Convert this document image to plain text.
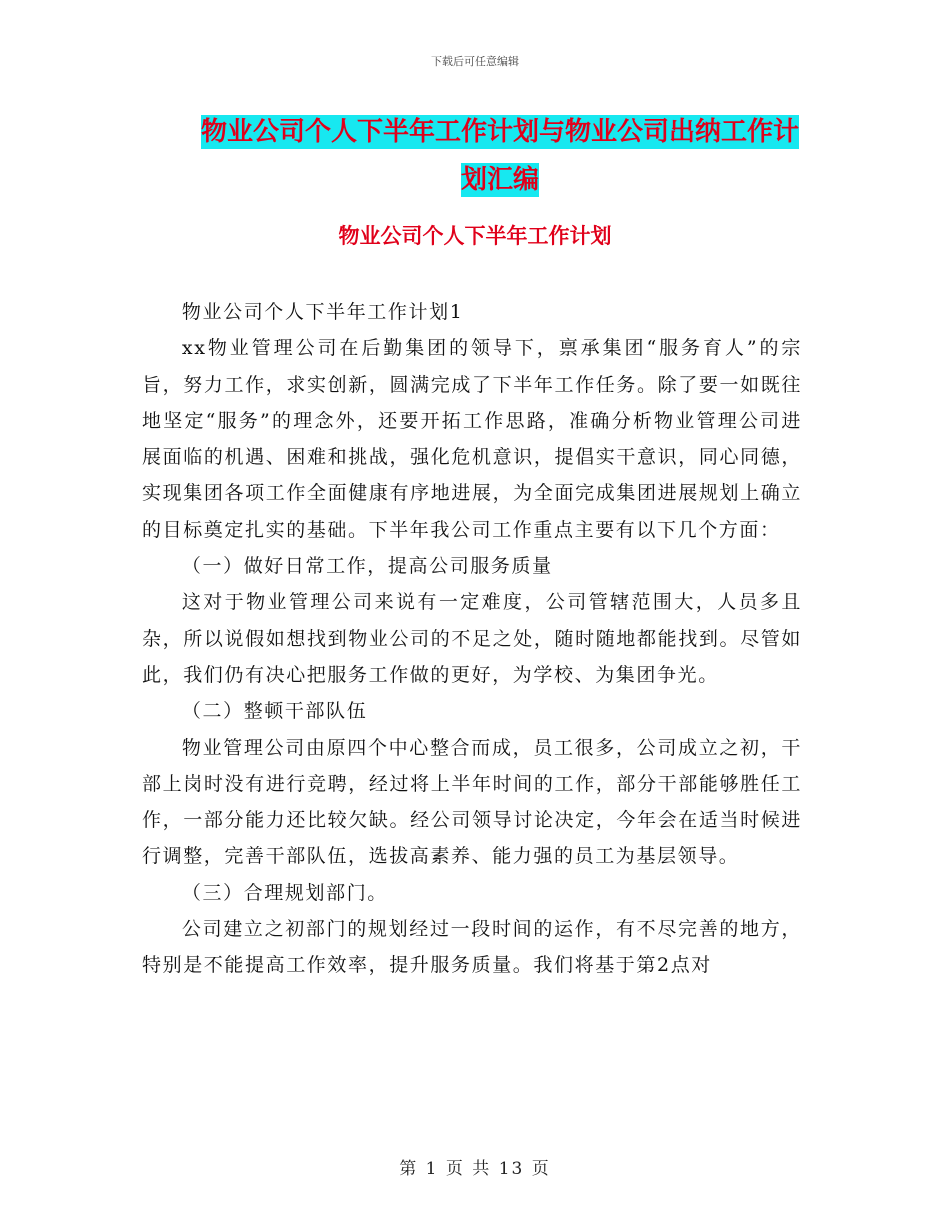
下载后可任意编辑
物业公司个人下半年工作计划与物业公司出纳工作计划汇编
物业公司个人下半年工作计划

物业公司个人下半年工作计划1

xx物业管理公司在后勤集团的领导下，禀承集团“服务育人”的宗旨，努力工作，求实创新，圆满完成了下半年工作任务。除了要一如既往地坚定“服务”的理念外，还要开拓工作思路，准确分析物业管理公司进展面临的机遇、困难和挑战，强化危机意识，提倡实干意识，同心同德，实现集团各项工作全面健康有序地进展，为全面完成集团进展规划上确立的目标奠定扎实的基础。下半年我公司工作重点主要有以下几个方面：

（一）做好日常工作，提高公司服务质量

这对于物业管理公司来说有一定难度，公司管辖范围大，人员多且杂，所以说假如想找到物业公司的不足之处，随时随地都能找到。尽管如此，我们仍有决心把服务工作做的更好，为学校、为集团争光。

（二）整顿干部队伍

物业管理公司由原四个中心整合而成，员工很多，公司成立之初，干部上岗时没有进行竞聘，经过将上半年时间的工作，部分干部能够胜任工作，一部分能力还比较欠缺。经公司领导讨论决定，今年会在适当时候进行调整，完善干部队伍，选拔高素养、能力强的员工为基层领导。

（三）合理规划部门。

公司建立之初部门的规划经过一段时间的运作，有不尽完善的地方，特别是不能提高工作效率，提升服务质量。我们将基于第2点对

第 1 页 共 13 页
